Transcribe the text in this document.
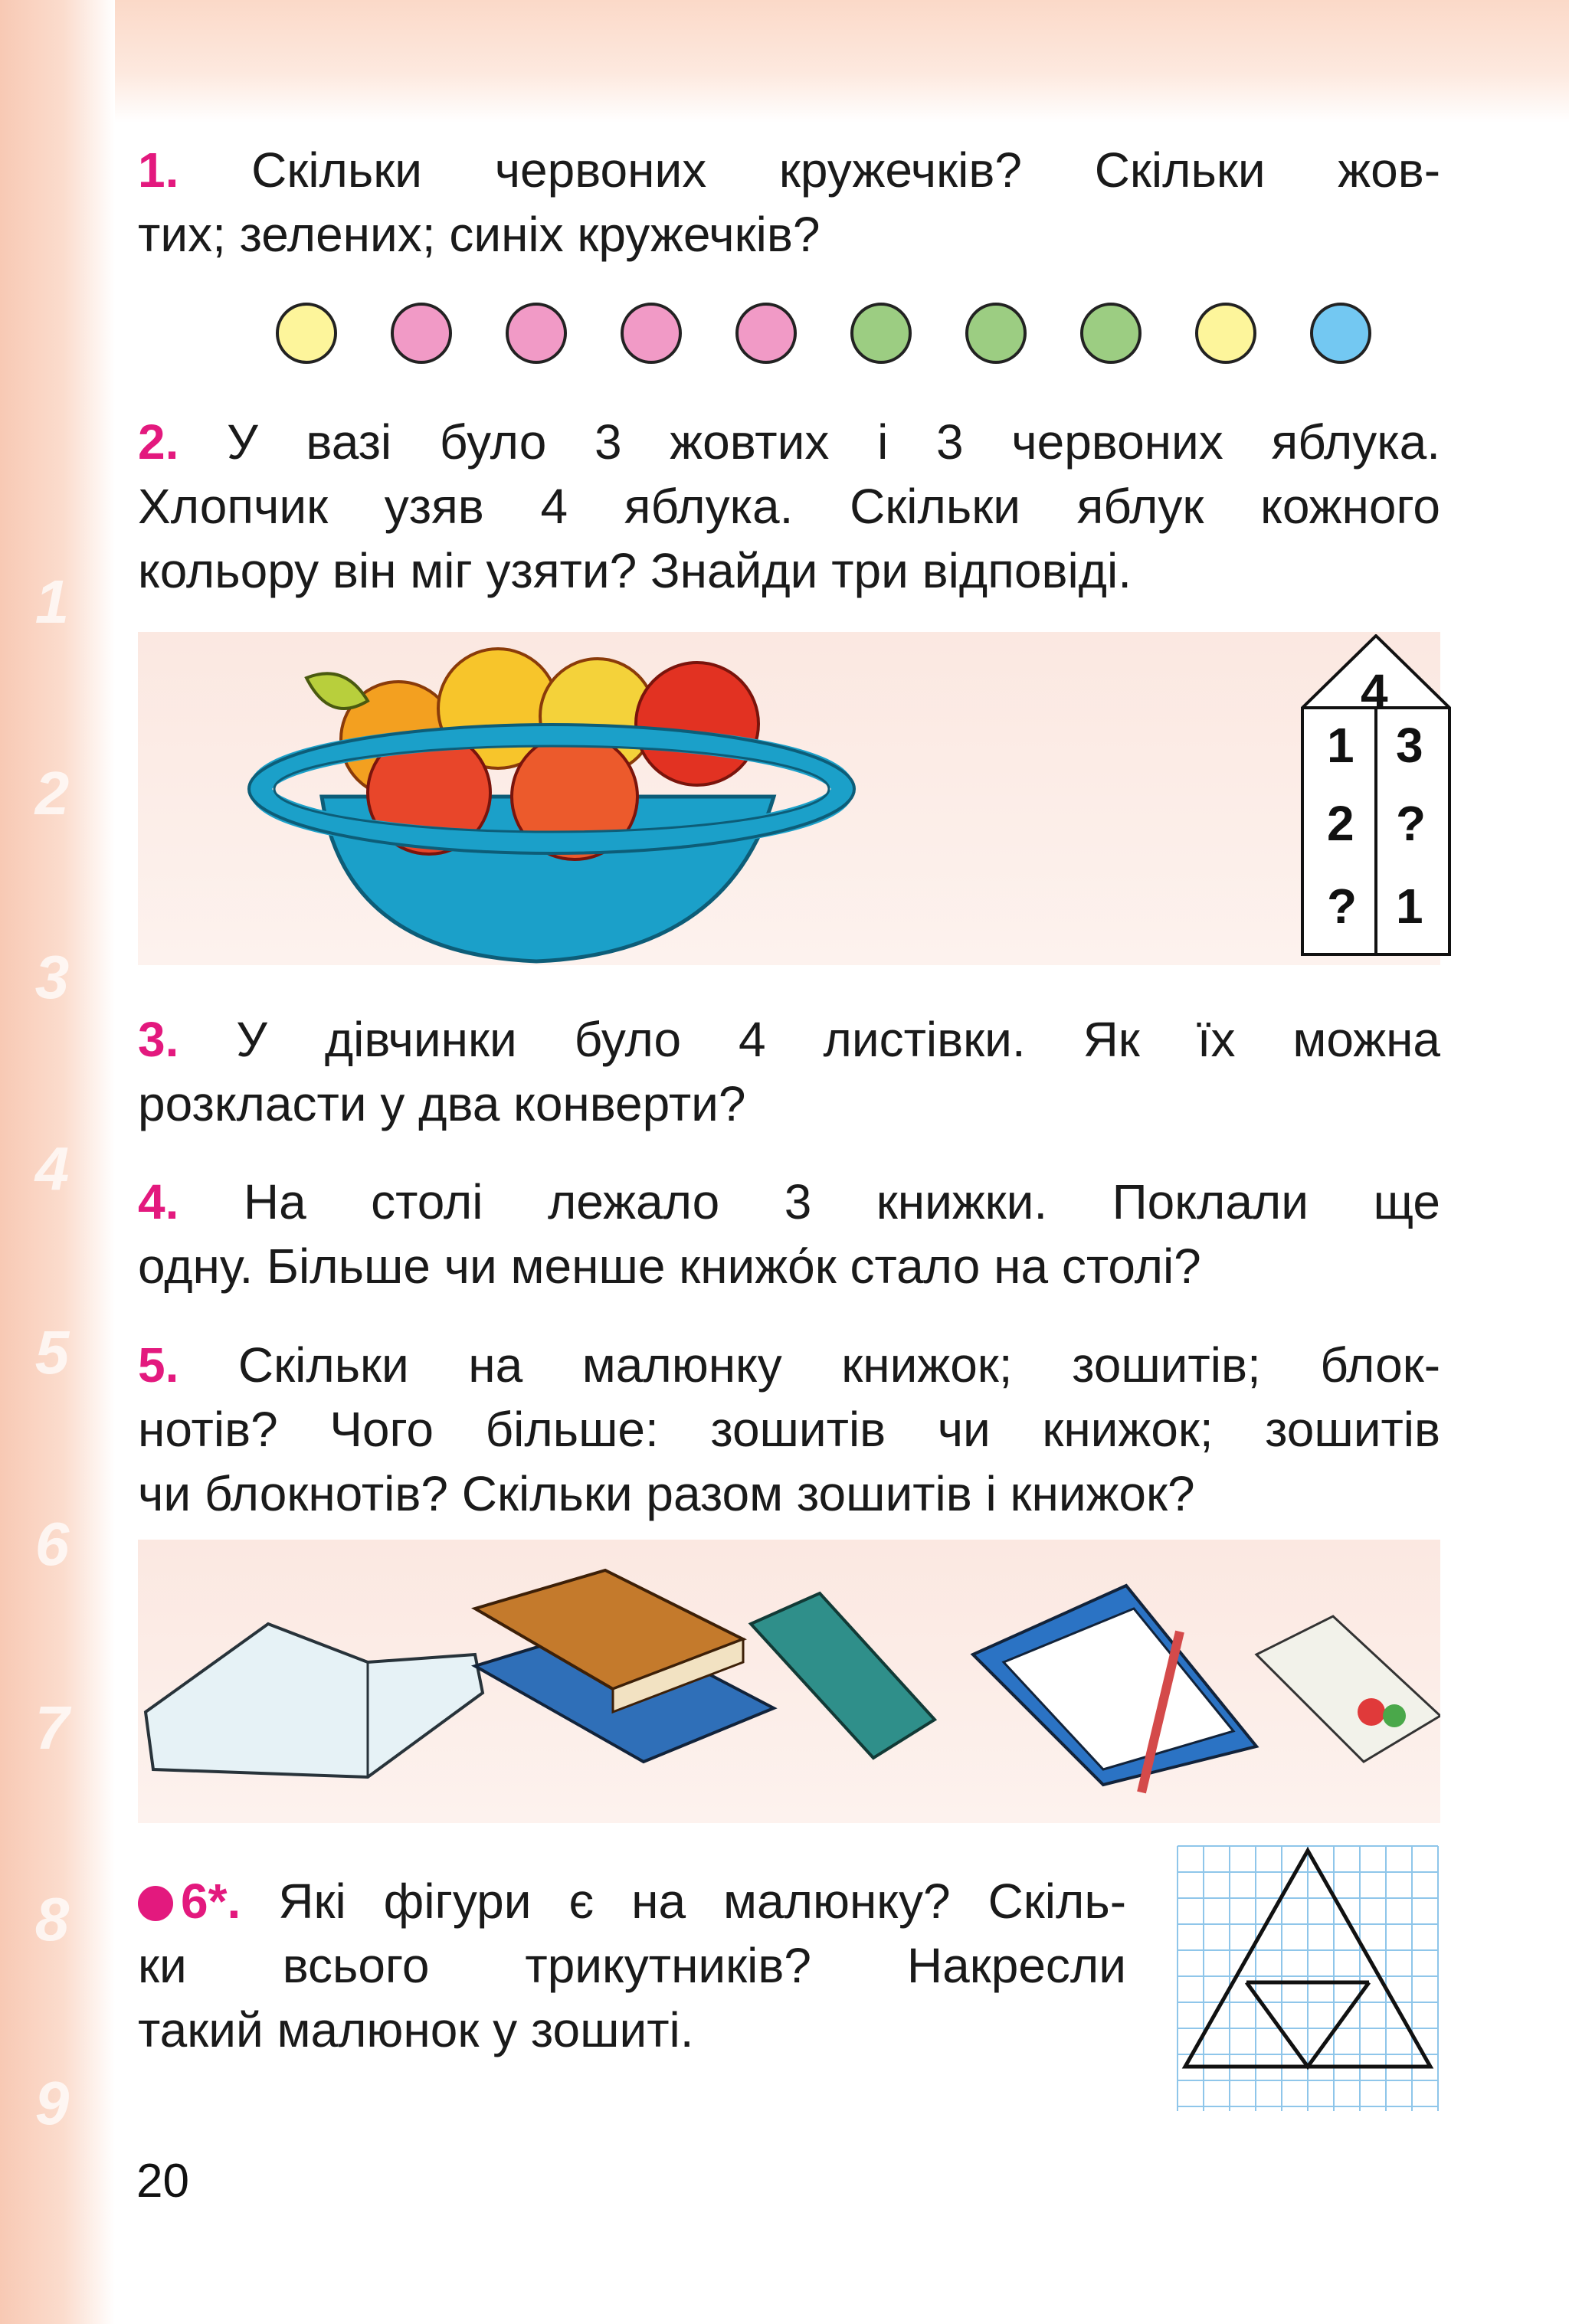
1
2
3
4
5
6
7
8
9

1. Скільки червоних кружечків? Скільки жов-
тих; зелених; синіх кружечків?

2. У вазі було 3 жовтих і 3 червоних яблука.
Хлопчик узяв 4 яблука. Скільки яблук кожного
кольору він міг узяти? Знайди три відповіді.

4
1 3
2 ?
? 1

3. У дівчинки було 4 листівки. Як їх можна
розкласти у два конверти?

4. На столі лежало 3 книжки. Поклали ще
одну. Більше чи менше книжо́к стало на столі?

5. Скільки на малюнку книжок; зошитів; блок-
нотів? Чого більше: зошитів чи книжок; зошитів
чи блокнотів? Скільки разом зошитів і книжок?

6*. Які фігури є на малюнку? Скіль-
ки всього трикутників? Накресли
такий малюнок у зошиті.

20
